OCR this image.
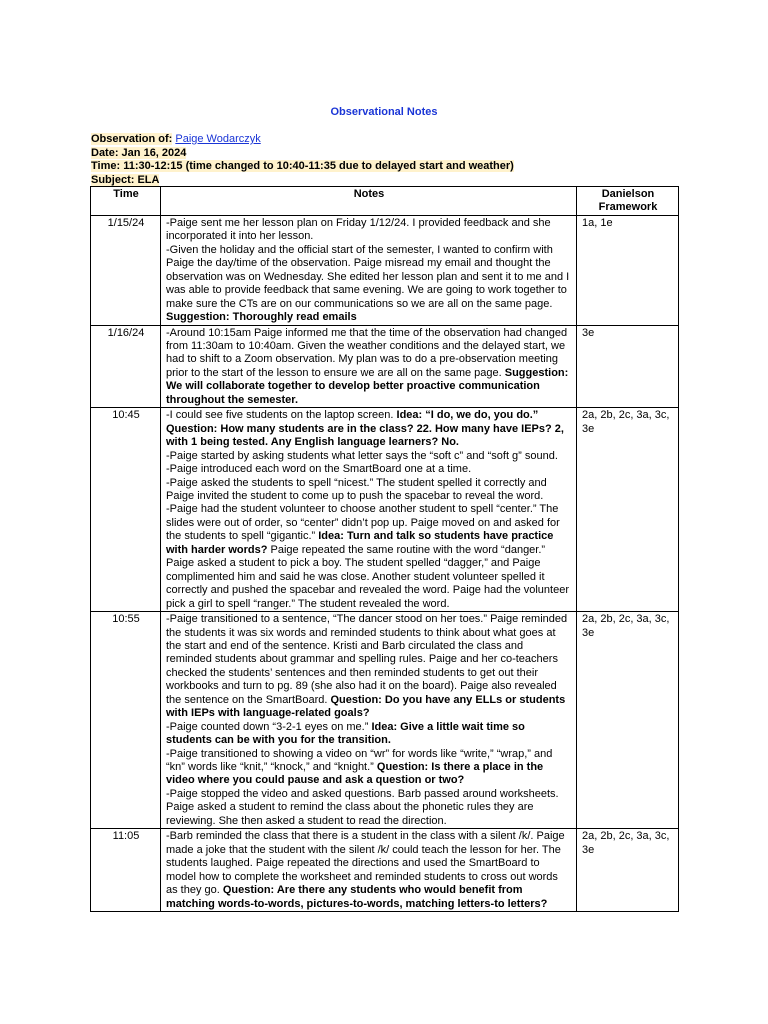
Observational Notes
Observation of: Paige Wodarczyk
Date: Jan 16, 2024
Time: 11:30-12:15 (time changed to 10:40-11:35 due to delayed start and weather)
Subject: ELA
Time	Notes	Danielson Framework
1/15/24	-Paige sent me her lesson plan on Friday 1/12/24. I provided feedback and she incorporated it into her lesson.

-Given the holiday and the official start of the semester, I wanted to confirm with Paige the day/time of the observation. Paige misread my email and thought the observation was on Wednesday. She edited her lesson plan and sent it to me and I was able to provide feedback that same evening. We are going to work together to make sure the CTs are on our communications so we are all on the same page. Suggestion: Thoroughly read emails	1a, 1e
1/16/24	-Around 10:15am Paige informed me that the time of the observation had changed from 11:30am to 10:40am. Given the weather conditions and the delayed start, we had to shift to a Zoom observation. My plan was to do a pre-observation meeting prior to the start of the lesson to ensure we are all on the same page. Suggestion: We will collaborate together to develop better proactive communication throughout the semester.	3e
10:45	-I could see five students on the laptop screen. Idea: “I do, we do, you do.” Question: How many students are in the class? 22. How many have IEPs? 2, with 1 being tested. Any English language learners? No.

-Paige started by asking students what letter says the “soft c” and “soft g” sound.

-Paige introduced each word on the SmartBoard one at a time.

-Paige asked the students to spell “nicest.” The student spelled it correctly and Paige invited the student to come up to push the spacebar to reveal the word.

-Paige had the student volunteer to choose another student to spell “center.” The slides were out of order, so “center” didn’t pop up. Paige moved on and asked for the students to spell “gigantic.” Idea: Turn and talk so students have practice with harder words? Paige repeated the same routine with the word “danger.” Paige asked a student to pick a boy. The student spelled “dagger,” and Paige complimented him and said he was close. Another student volunteer spelled it correctly and pushed the spacebar and revealed the word. Paige had the volunteer pick a girl to spell “ranger.” The student revealed the word.	2a, 2b, 2c, 3a, 3c, 3e
10:55	-Paige transitioned to a sentence, “The dancer stood on her toes.” Paige reminded the students it was six words and reminded students to think about what goes at the start and end of the sentence. Kristi and Barb circulated the class and reminded students about grammar and spelling rules. Paige and her co-teachers checked the students’ sentences and then reminded students to get out their workbooks and turn to pg. 89 (she also had it on the board). Paige also revealed the sentence on the SmartBoard. Question: Do you have any ELLs or students with IEPs with language-related goals?

-Paige counted down “3-2-1 eyes on me.” Idea: Give a little wait time so students can be with you for the transition.

-Paige transitioned to showing a video on “wr” for words like “write,” “wrap,” and “kn” words like “knit,” “knock,” and “knight.” Question: Is there a place in the video where you could pause and ask a question or two?

-Paige stopped the video and asked questions. Barb passed around worksheets. Paige asked a student to remind the class about the phonetic rules they are reviewing. She then asked a student to read the direction.	2a, 2b, 2c, 3a, 3c, 3e
11:05	-Barb reminded the class that there is a student in the class with a silent /k/. Paige made a joke that the student with the silent /k/ could teach the lesson for her. The students laughed. Paige repeated the directions and used the SmartBoard to model how to complete the worksheet and reminded students to cross out words as they go. Question: Are there any students who would benefit from matching words-to-words, pictures-to-words, matching letters-to letters?	2a, 2b, 2c, 3a, 3c, 3e
